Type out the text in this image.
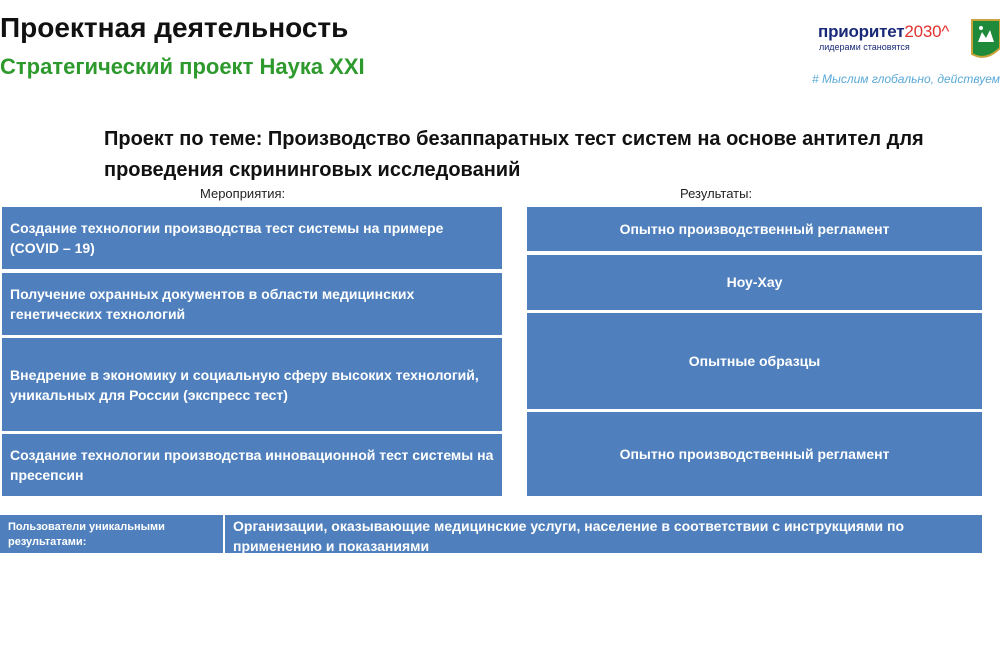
Проектная деятельность
Стратегический проект Наука XXI
приоритет2030^
лидерами становятся
# Мыслим глобально, действуем
Проект по теме: Производство безаппаратных тест систем на основе антител для
проведения скрининговых исследований
Мероприятия:	Результаты:
Создание технологии производства тест системы на примере (COVID – 19)
Получение охранных документов в области медицинских генетических технологий
Внедрение в экономику и социальную сферу высоких технологий, уникальных для России (экспресс тест)
Создание технологии производства инновационной тест системы на пресепсин
Опытно производственный регламент
Ноу-Хау
Опытные образцы
Опытно производственный регламент
Пользователи уникальными результатами:
Организации, оказывающие медицинские услуги, население в соответствии с инструкциями по применению и показаниями
